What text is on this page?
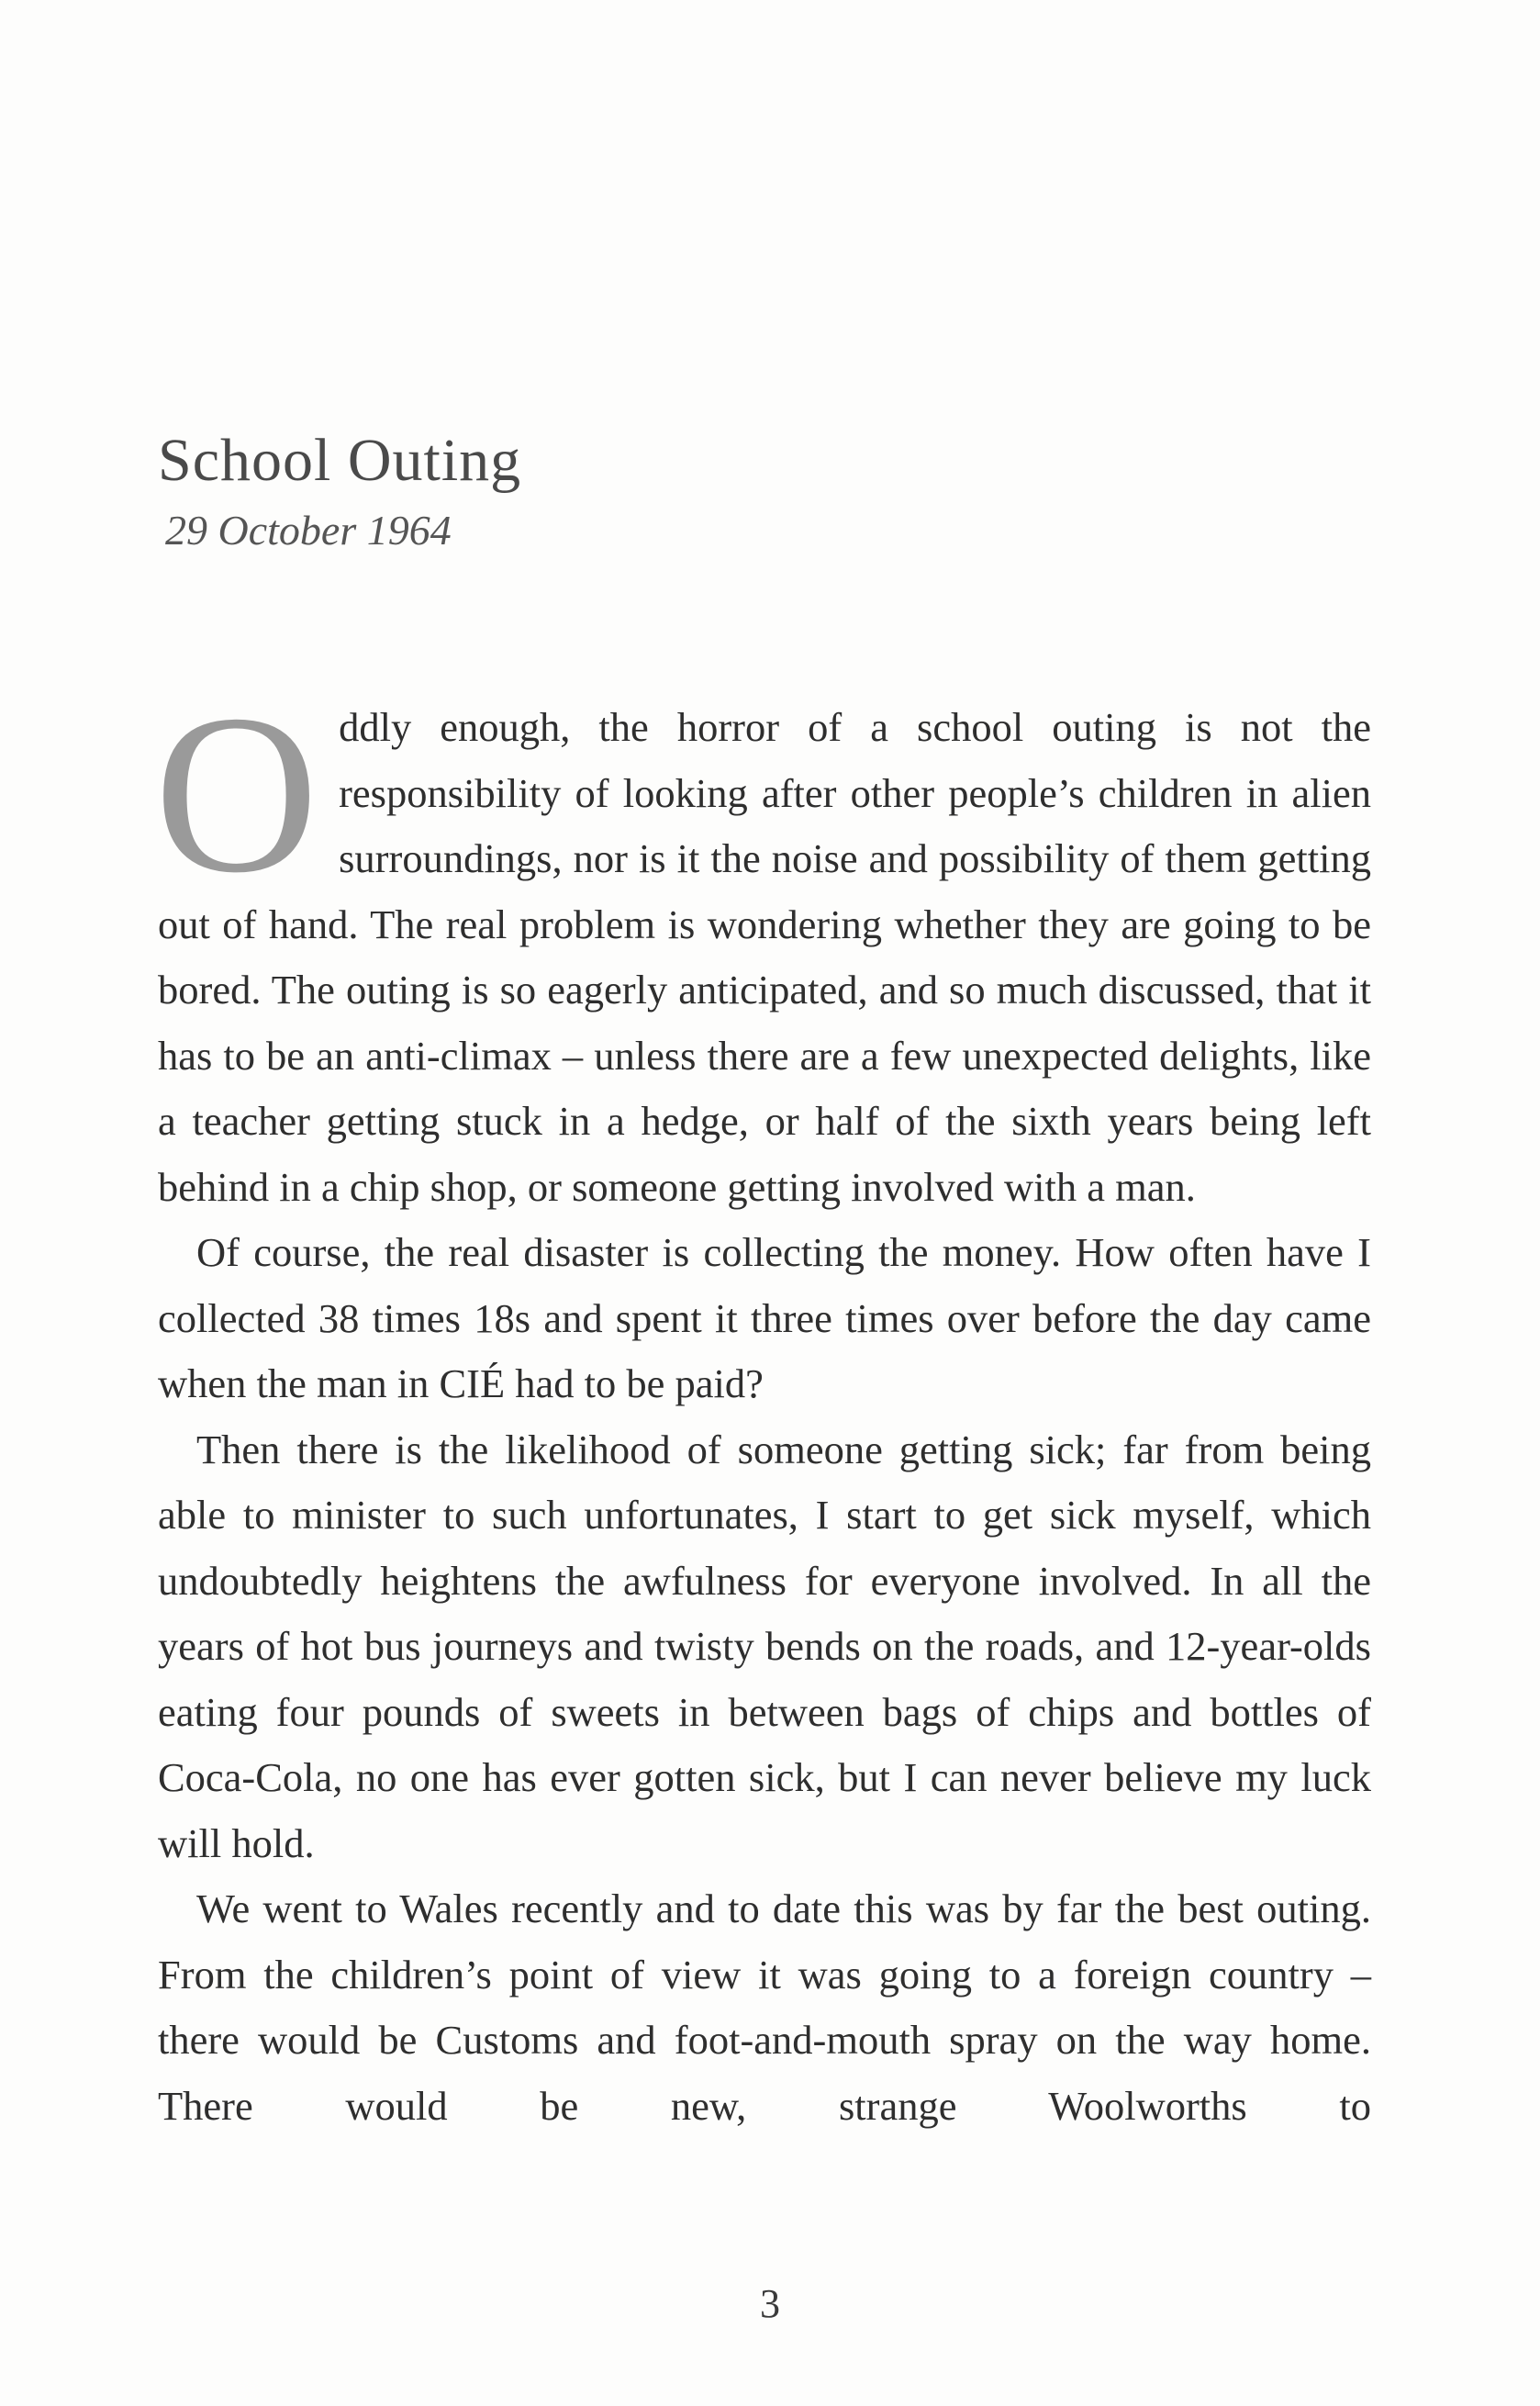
School Outing
29 October 1964

Oddly enough, the horror of a school outing is not the responsibility of looking after other people’s children in alien surroundings, nor is it the noise and possibility of them getting out of hand. The real problem is wondering whether they are going to be bored. The outing is so eagerly anticipated, and so much discussed, that it has to be an anti-climax – unless there are a few unexpected delights, like a teacher getting stuck in a hedge, or half of the sixth years being left behind in a chip shop, or someone getting involved with a man.

Of course, the real disaster is collecting the money. How often have I collected 38 times 18s and spent it three times over before the day came when the man in CIÉ had to be paid?

Then there is the likelihood of someone getting sick; far from being able to minister to such unfortunates, I start to get sick myself, which undoubtedly heightens the awfulness for everyone involved. In all the years of hot bus journeys and twisty bends on the roads, and 12-year-olds eating four pounds of sweets in between bags of chips and bottles of Coca-Cola, no one has ever gotten sick, but I can never believe my luck will hold.

We went to Wales recently and to date this was by far the best outing. From the children’s point of view it was going to a foreign country – there would be Customs and foot-and-mouth spray on the way home. There would be new, strange Woolworths to

3
